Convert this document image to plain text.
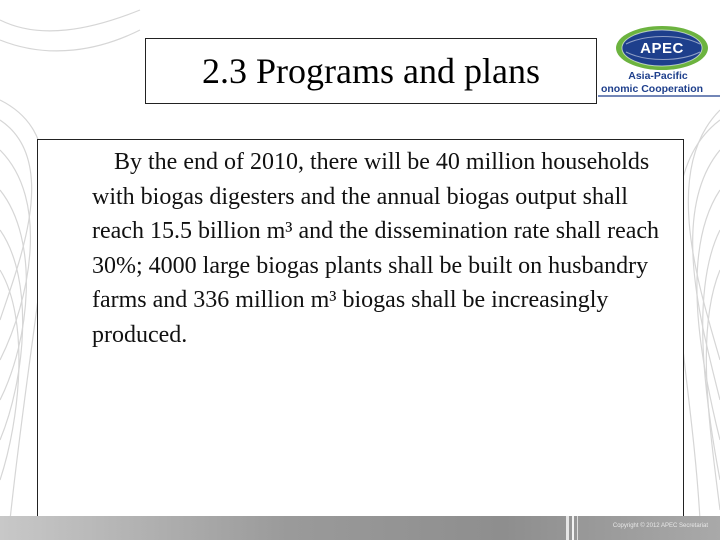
2.3 Programs and plans
APEC
Asia-Pacific
onomic Cooperation

By the end of 2010, there will be 40 million households with biogas digesters and the annual biogas output shall reach 15.5 billion m³ and the dissemination rate shall reach 30%; 4000 large biogas plants shall be built on husbandry farms and 336 million m³ biogas shall be increasingly produced.

Copyright © 2012 APEC Secretariat
